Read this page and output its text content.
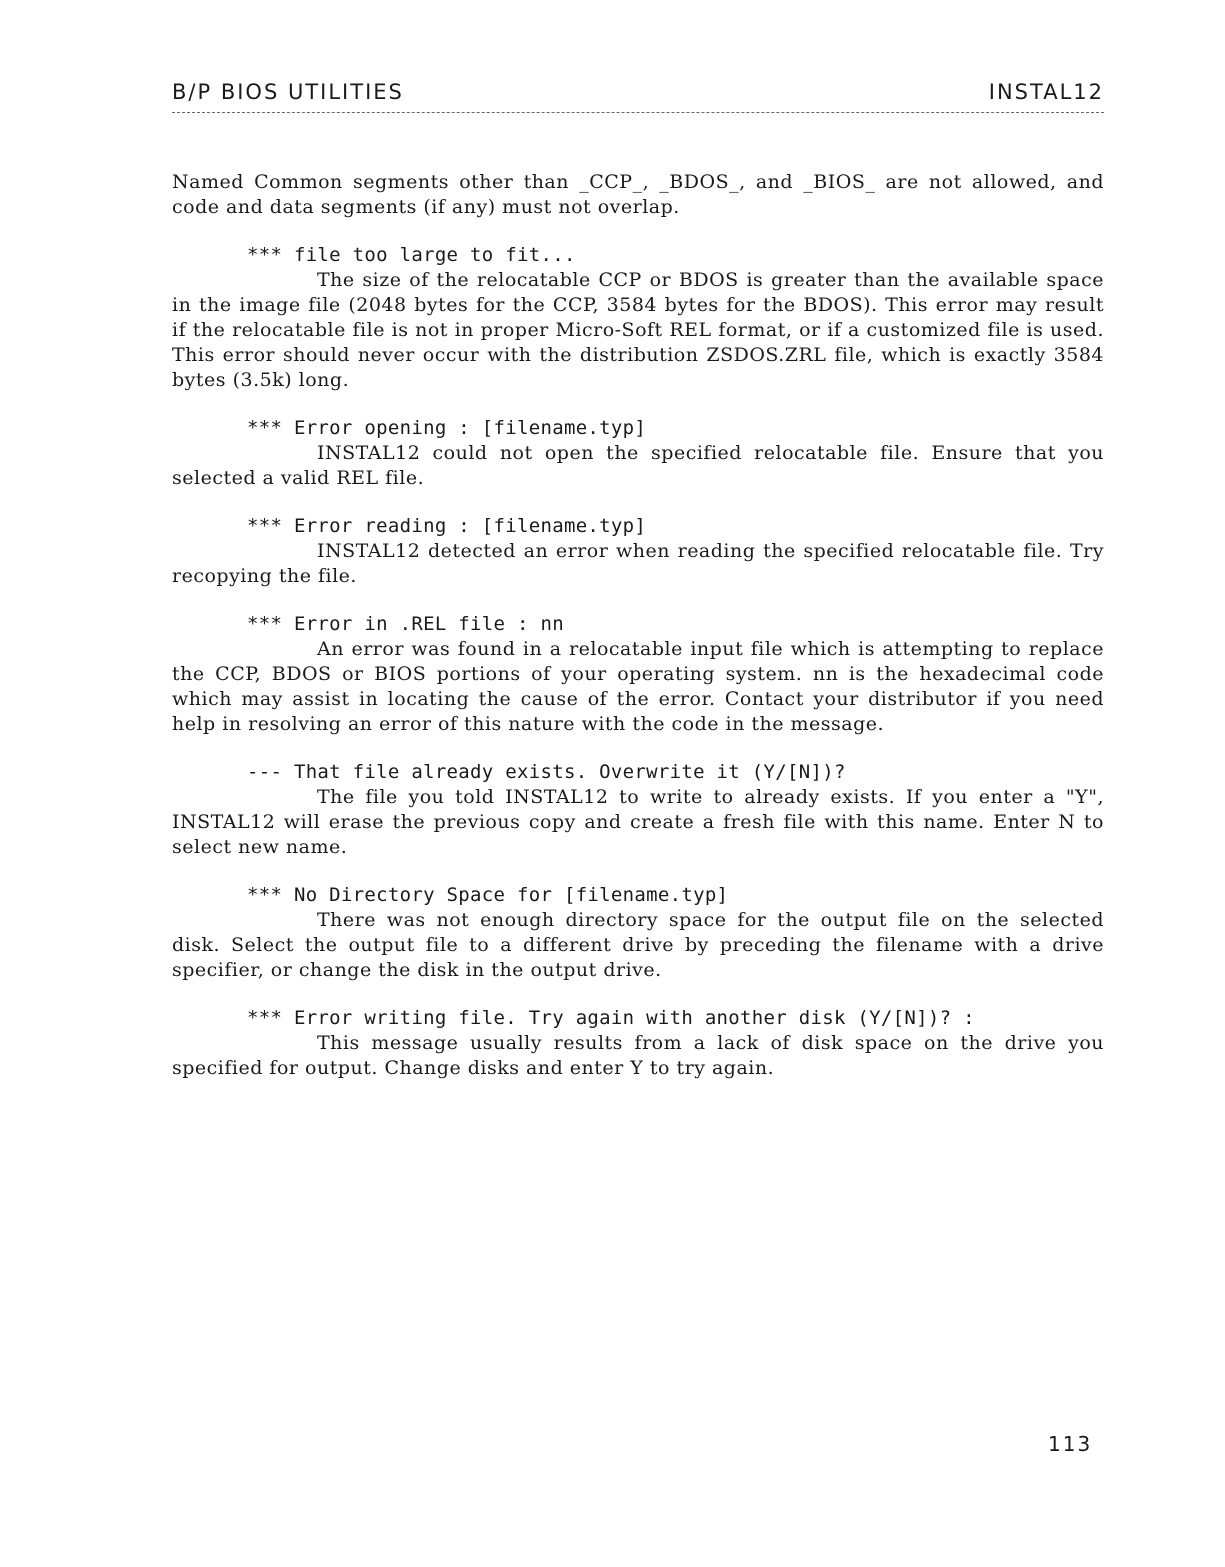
B/P BIOS UTILITIES	INSTAL12

Named Common segments other than _CCP_, _BDOS_, and _BIOS_ are not allowed, and code and data segments (if any) must not overlap.

*** file too large to fit...

The size of the relocatable CCP or BDOS is greater than the available space in the image file (2048 bytes for the CCP, 3584 bytes for the BDOS). This error may result if the relocatable file is not in proper Micro-Soft REL format, or if a customized file is used. This error should never occur with the distribution ZSDOS.ZRL file, which is exactly 3584 bytes (3.5k) long.

*** Error opening : [filename.typ]

INSTAL12 could not open the specified relocatable file. Ensure that you selected a valid REL file.

*** Error reading : [filename.typ]

INSTAL12 detected an error when reading the specified relocatable file. Try recopying the file.

*** Error in .REL file : nn

An error was found in a relocatable input file which is attempting to replace the CCP, BDOS or BIOS portions of your operating system. nn is the hexadecimal code which may assist in locating the cause of the error. Contact your distributor if you need help in resolving an error of this nature with the code in the message.

--- That file already exists. Overwrite it (Y/[N])?

The file you told INSTAL12 to write to already exists. If you enter a "Y", INSTAL12 will erase the previous copy and create a fresh file with this name. Enter N to select new name.

*** No Directory Space for [filename.typ]

There was not enough directory space for the output file on the selected disk. Select the output file to a different drive by preceding the filename with a drive specifier, or change the disk in the output drive.

*** Error writing file. Try again with another disk (Y/[N])? :

This message usually results from a lack of disk space on the drive you specified for output. Change disks and enter Y to try again.

113
